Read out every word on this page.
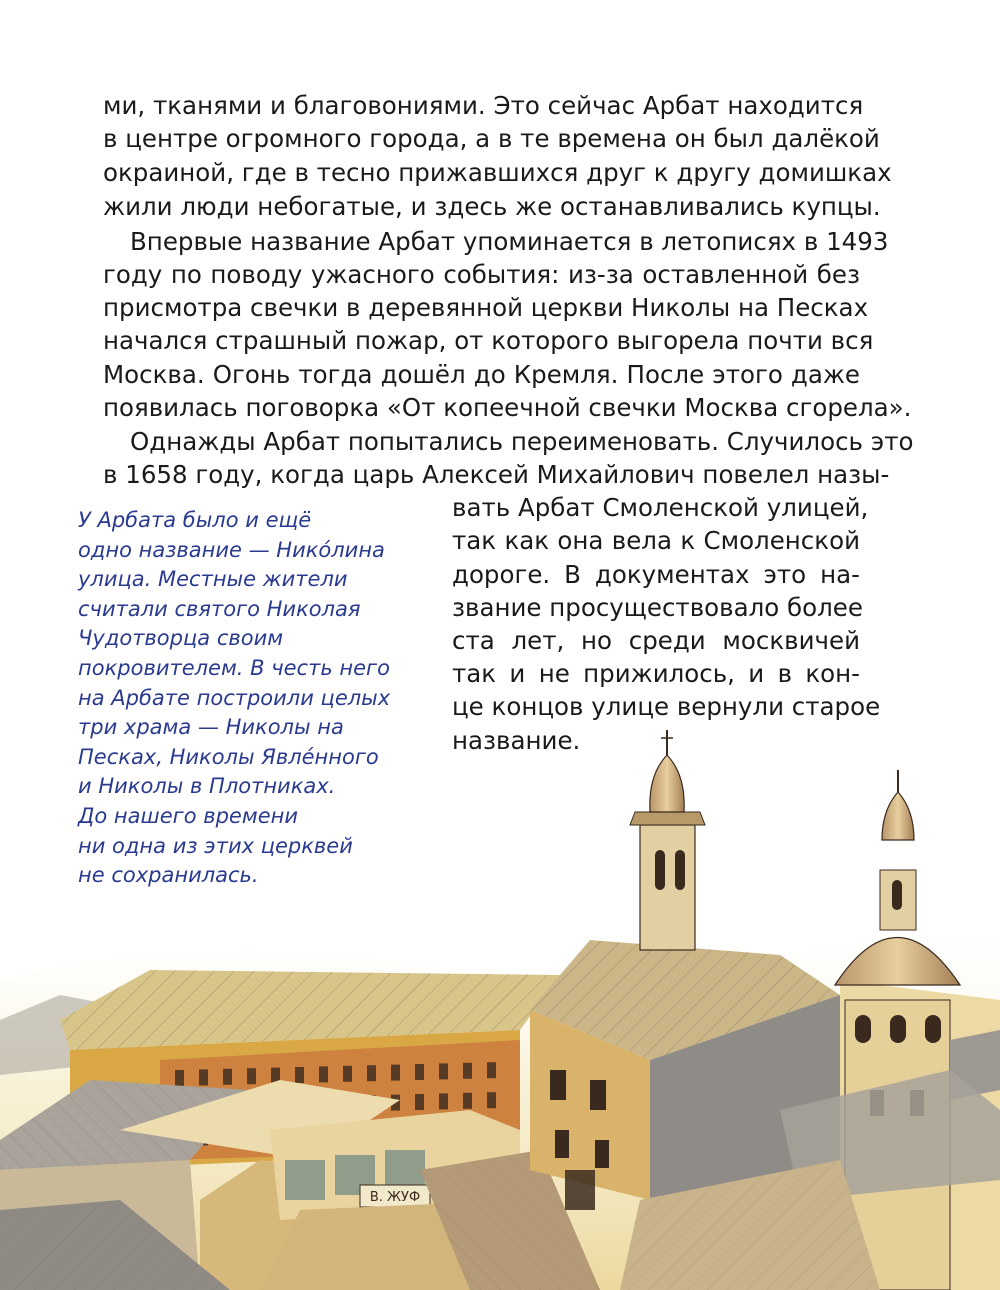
ми, тканями и благовониями. Это сейчас Арбат находится
в центре огромного города, а в те времена он был далёкой
окраиной, где в тесно прижавшихся друг к другу домишках
жили люди небогатые, и здесь же останавливались купцы.
Впервые название Арбат упоминается в летописях в 1493
году по поводу ужасного события: из-за оставленной без
присмотра свечки в деревянной церкви Николы на Песках
начался страшный пожар, от которого выгорела почти вся
Москва. Огонь тогда дошёл до Кремля. После этого даже
появилась поговорка «От копеечной свечки Москва сгорела».
Однажды Арбат попытались переименовать. Случилось это
в 1658 году, когда царь Алексей Михайлович повелел назы-
вать Арбат Смоленской улицей,
так как она вела к Смоленской
дороге. В документах это на-
звание просуществовало более
ста лет, но среди москвичей
так и не прижилось, и в кон-
це концов улице вернули старое
название.
У Арбата было и ещё
одно название — Нико́лина
улица. Местные жители
считали святого Николая
Чудотворца своим
покровителем. В честь него
на Арбате построили целых
три храма — Николы на
Песках, Николы Явле́нного
и Николы в Плотниках.
До нашего времени
ни одна из этих церквей
не сохранилась.
В. ЖУФ
